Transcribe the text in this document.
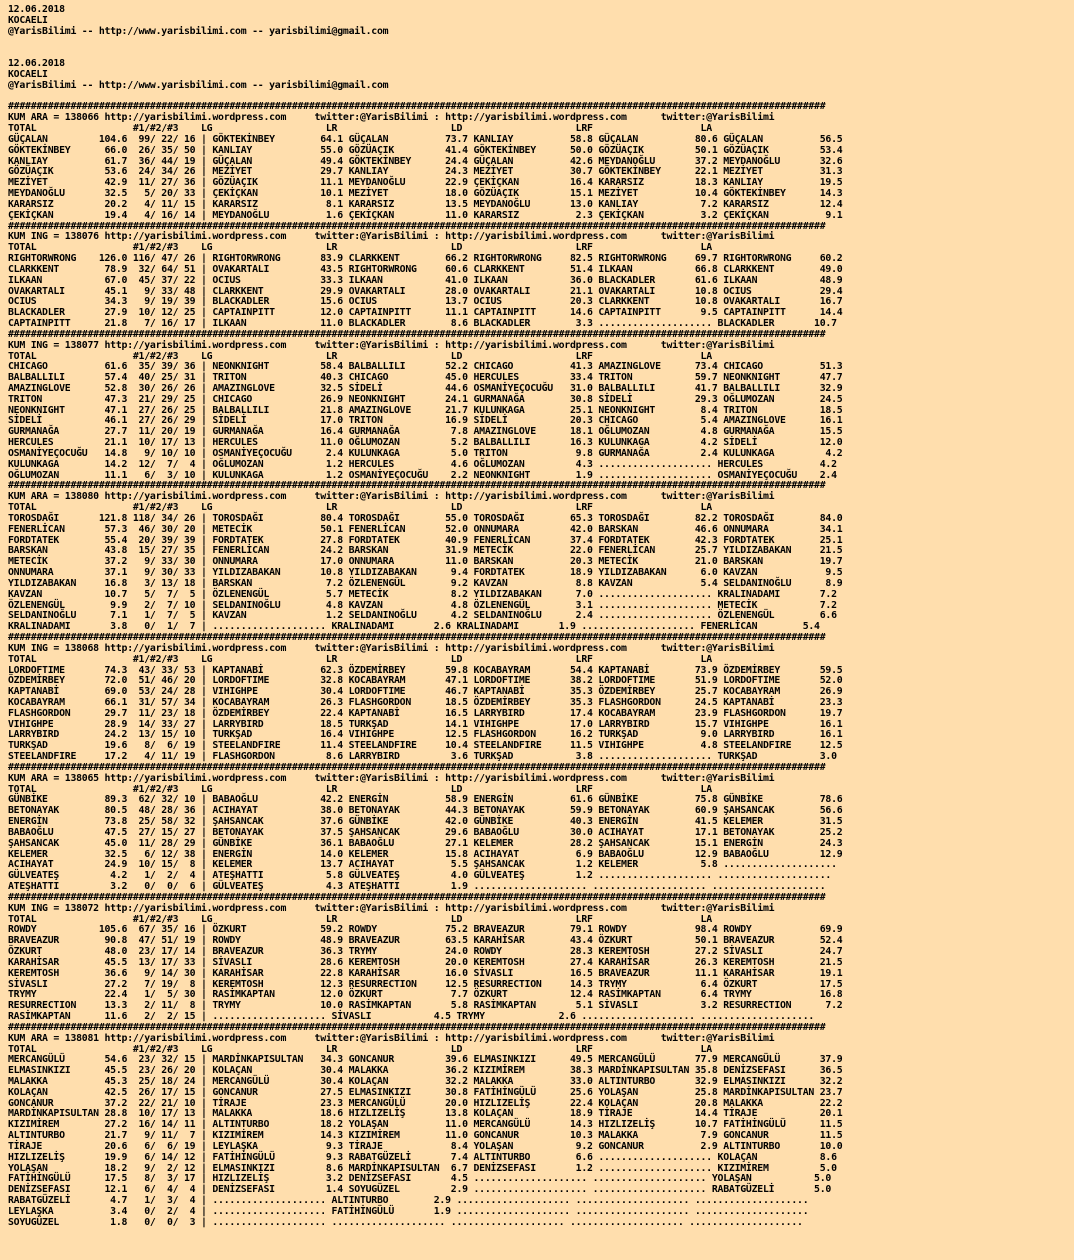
12.06.2018
KOCAELI
@YarisBilimi -- http://www.yarisbilimi.com -- yarisbilimi@gmail.com

12.06.2018
KOCAELI
@YarisBilimi -- http://www.yarisbilimi.com -- yarisbilimi@gmail.com

################################################################################################################################################
KUM ARA = 138066 http://yarisbilimi.wordpress.com     twitter:@YarisBilimi : http://yarisbilimi.wordpress.com      twitter:@YarisBilimi
TOTAL                 #1/#2/#3    LG                    LR                    LD                    LRF                   LA
GÜÇALAN         104.6  99/ 22/ 16 | GÖKTEKİNBEY        64.1 GÜÇALAN          73.7 KANLIAY          58.8 GÜÇALAN          80.6 GÜÇALAN          56.5
GÖKTEKİNBEY      66.0  26/ 35/ 50 | KANLIAY            55.0 GÖZÜAÇIK         41.4 GÖKTEKİNBEY      50.0 GÖZÜAÇIK         50.1 GÖZÜAÇIK         53.4
KANLIAY          61.7  36/ 44/ 19 | GÜÇALAN            49.4 GÖKTEKİNBEY      24.4 GÜÇALAN          42.6 MEYDANOĞLU       37.2 MEYDANOĞLU       32.6
GÖZÜAÇIK         53.6  24/ 34/ 26 | MEZİYET            29.7 KANLIAY          24.3 MEZİYET          30.7 GÖKTEKİNBEY      22.1 MEZİYET          31.3
MEZİYET          42.9  11/ 27/ 36 | GÖZÜAÇIK           11.1 MEYDANOĞLU       22.9 ÇEKİÇKAN         16.4 KARARSIZ         18.3 KANLIAY          19.5
MEYDANOĞLU       32.5   5/ 20/ 33 | ÇEKİÇKAN           10.1 MEZİYET          18.0 GÖZÜAÇIK         15.1 MEZİYET          10.4 GÖKTEKİNBEY      14.3
KARARSIZ         20.2   4/ 11/ 15 | KARARSIZ            8.1 KARARSIZ         13.5 MEYDANOĞLU       13.0 KANLIAY           7.2 KARARSIZ         12.4
ÇEKİÇKAN         19.4   4/ 16/ 14 | MEYDANOĞLU          1.6 ÇEKİÇKAN         11.0 KARARSIZ          2.3 ÇEKİÇKAN          3.2 ÇEKİÇKAN          9.1
################################################################################################################################################
KUM ING = 138076 http://yarisbilimi.wordpress.com     twitter:@YarisBilimi : http://yarisbilimi.wordpress.com      twitter:@YarisBilimi
TOTAL                 #1/#2/#3    LG                    LR                    LD                    LRF                   LA
RIGHTORWRONG    126.0 116/ 47/ 26 | RIGHTORWRONG       83.9 CLARKKENT        66.2 RIGHTORWRONG     82.5 RIGHTORWRONG     69.7 RIGHTORWRONG     60.2
CLARKKENT        78.9  32/ 64/ 51 | OVAKARTALI         43.5 RIGHTORWRONG     60.6 CLARKKENT        51.4 ILKAAN           66.8 CLARKKENT        49.0
ILKAAN           67.0  45/ 37/ 22 | OCIUS              33.3 ILKAAN           41.0 ILKAAN           36.0 BLACKADLER       61.6 ILKAAN           48.9
OVAKARTALI       45.1   9/ 33/ 48 | CLARKKENT          29.9 OVAKARTALI       28.0 OVAKARTALI       21.1 OVAKARTALI       10.8 OCIUS            29.4
OCIUS            34.3   9/ 19/ 39 | BLACKADLER         15.6 OCIUS            13.7 OCIUS            20.3 CLARKKENT        10.8 OVAKARTALI       16.7
BLACKADLER       27.9  10/ 12/ 25 | CAPTAINPITT        12.0 CAPTAINPITT      11.1 CAPTAINPITT      14.6 CAPTAINPITT       9.5 CAPTAINPITT      14.4
CAPTAINPITT      21.8   7/ 16/ 17 | ILKAAN             11.0 BLACKADLER        8.6 BLACKADLER        3.3 .................... BLACKADLER       10.7
################################################################################################################################################
KUM ING = 138077 http://yarisbilimi.wordpress.com     twitter:@YarisBilimi : http://yarisbilimi.wordpress.com      twitter:@YarisBilimi
TOTAL                 #1/#2/#3    LG                    LR                    LD                    LRF                   LA
CHICAGO          61.6  35/ 39/ 36 | NEONKNIGHT         58.4 BALBALLILI       52.2 CHICAGO          41.3 AMAZINGLOVE      73.4 CHICAGO          51.3
BALBALLILI       57.4  40/ 25/ 31 | TRITON             40.3 CHICAGO          45.0 HERCULES         33.4 TRITON           59.7 NEONKNIGHT       47.7
AMAZINGLOVE      52.8  30/ 26/ 26 | AMAZINGLOVE        32.5 SİDELİ           44.6 OSMANİYEÇOCUĞU   31.0 BALBALLILI       41.7 BALBALLILI       32.9
TRITON           47.3  21/ 29/ 25 | CHICAGO            26.9 NEONKNIGHT       24.1 GURMANAĞA        30.8 SİDELİ           29.3 OĞLUMOZAN        24.5
NEONKNIGHT       47.1  27/ 26/ 25 | BALBALLILI         21.8 AMAZINGLOVE      21.7 KULUNKAGA        25.1 NEONKNIGHT        8.4 TRITON           18.5
SİDELİ           46.1  27/ 26/ 29 | SİDELİ             17.0 TRITON           16.9 SİDELİ           20.3 CHICAGO           5.4 AMAZINGLOVE      16.1
GURMANAĞA        27.7  11/ 20/ 19 | GURMANAĞA          16.4 GURMANAĞA         7.8 AMAZINGLOVE      18.1 OĞLUMOZAN         4.8 GURMANAĞA        15.5
HERCULES         21.1  10/ 17/ 13 | HERCULES           11.0 OĞLUMOZAN         5.2 BALBALLILI       16.3 KULUNKAGA         4.2 SİDELİ           12.0
OSMANİYEÇOCUĞU   14.8   9/ 10/ 10 | OSMANİYEÇOCUĞU      2.4 KULUNKAGA         5.0 TRITON            9.8 GURMANAĞA         2.4 KULUNKAGA         4.2
KULUNKAGA        14.2  12/  7/  4 | OĞLUMOZAN           1.2 HERCULES          4.6 OĞLUMOZAN         4.3 .................... HERCULES          4.2
OĞLUMOZAN        11.1   6/  3/ 10 | KULUNKAGA           1.2 OSMANİYEÇOCUĞU    2.2 NEONKNIGHT        1.9 .................... OSMANİYEÇOCUĞU    2.4
################################################################################################################################################
KUM ARA = 138080 http://yarisbilimi.wordpress.com     twitter:@YarisBilimi : http://yarisbilimi.wordpress.com      twitter:@YarisBilimi
TOTAL                 #1/#2/#3    LG                    LR                    LD                    LRF                   LA
TOROSDAĞI       121.8 118/ 34/ 26 | TOROSDAĞI          80.4 TOROSDAĞI        55.0 TOROSDAĞI        65.3 TOROSDAĞI        82.2 TOROSDAĞI        84.0
FENERLİCAN       57.3  46/ 30/ 20 | METECİK            50.1 FENERLİCAN       52.0 ONNUMARA         42.0 BARSKAN          46.6 ONNUMARA         34.1
FORDTATEK        55.4  20/ 39/ 39 | FORDTATEK          27.8 FORDTATEK        40.9 FENERLİCAN       37.4 FORDTATEK        42.3 FORDTATEK        25.1
BARSKAN          43.8  15/ 27/ 35 | FENERLİCAN         24.2 BARSKAN          31.9 METECİK          22.0 FENERLİCAN       25.7 YILDIZABAKAN     21.5
METECİK          37.2   9/ 33/ 30 | ONNUMARA           17.0 ONNUMARA         11.0 BARSKAN          20.3 METECİK          21.0 BARSKAN          19.7
ONNUMARA         37.1   9/ 30/ 33 | YILDIZABAKAN       10.8 YILDIZABAKAN      9.4 FORDTATEK        18.9 YILDIZABAKAN      6.0 KAVZAN            9.5
YILDIZABAKAN     16.8   3/ 13/ 18 | BARSKAN             7.2 ÖZLENENGÜL        9.2 KAVZAN            8.8 KAVZAN            5.4 SELDANINOĞLU      8.9
KAVZAN           10.7   5/  7/  5 | ÖZLENENGÜL          5.7 METECİK           8.2 YILDIZABAKAN      7.0 .................... KRALINADAMI       7.2
ÖZLENENGÜL        9.9   2/  7/ 10 | SELDANINOĞLU        4.8 KAVZAN            4.8 ÖZLENENGÜL        3.1 .................... METECİK           7.2
SELDANINOĞLU      7.1   1/  7/  5 | KAVZAN              1.2 SELDANINOĞLU      4.2 SELDANINOĞLU      2.4 .................... ÖZLENENGÜL        6.6
KRALINADAMI       3.8   0/  1/  7 | .................... KRALINADAMI       2.6 KRALINADAMI       1.9 .................... FENERLİCAN        5.4
################################################################################################################################################
KUM ING = 138068 http://yarisbilimi.wordpress.com     twitter:@YarisBilimi : http://yarisbilimi.wordpress.com      twitter:@YarisBilimi
TOTAL                 #1/#2/#3    LG                    LR                    LD                    LRF                   LA
LORDOFTIME       74.3  43/ 33/ 53 | KAPTANABİ          62.3 ÖZDEMİRBEY       59.8 KOCABAYRAM       54.4 KAPTANABİ        73.9 ÖZDEMİRBEY       59.5
ÖZDEMİRBEY       72.0  51/ 46/ 20 | LORDOFTIME         32.8 KOCABAYRAM       47.1 LORDOFTIME       38.2 LORDOFTIME       51.9 LORDOFTIME       52.0
KAPTANABİ        69.0  53/ 24/ 28 | VIHIGHPE           30.4 LORDOFTIME       46.7 KAPTANABİ        35.3 ÖZDEMİRBEY       25.7 KOCABAYRAM       26.9
KOCABAYRAM       66.1  31/ 57/ 34 | KOCABAYRAM         26.3 FLASHGORDON      18.5 ÖZDEMİRBEY       35.3 FLASHGORDON      24.5 KAPTANABİ        23.3
FLASHGORDON      29.7  11/ 23/ 18 | ÖZDEMİRBEY         22.4 KAPTANABİ        16.5 LARRYBIRD        17.4 KOCABAYRAM       23.9 FLASHGORDON      19.7
VIHIGHPE         28.9  14/ 33/ 27 | LARRYBIRD          18.5 TURKŞAD          14.1 VIHIGHPE         17.0 LARRYBIRD        15.7 VIHIGHPE         16.1
LARRYBIRD        24.2  13/ 15/ 10 | TURKŞAD            16.4 VIHIGHPE         12.5 FLASHGORDON      16.2 TURKŞAD           9.0 LARRYBIRD        16.1
TURKŞAD          19.6   8/  6/ 19 | STEELANDFIRE       11.4 STEELANDFIRE     10.4 STEELANDFIRE     11.5 VIHIGHPE          4.8 STEELANDFIRE     12.5
STEELANDFIRE     17.2   4/ 11/ 19 | FLASHGORDON         8.6 LARRYBIRD         3.6 TURKŞAD           3.8 .................... TURKŞAD           3.0
################################################################################################################################################
KUM ARA = 138065 http://yarisbilimi.wordpress.com     twitter:@YarisBilimi : http://yarisbilimi.wordpress.com      twitter:@YarisBilimi
TOTAL                 #1/#2/#3    LG                    LR                    LD                    LRF                   LA
GÜNBİKE          89.3  62/ 32/ 10 | BABAOĞLU           42.2 ENERGİN          58.9 ENERGİN          61.6 GÜNBİKE          75.8 GÜNBİKE          78.6
BETONAYAK        80.5  48/ 28/ 36 | ACIHAYAT           38.0 BETONAYAK        44.3 BETONAYAK        59.9 BETONAYAK        60.9 ŞAHSANCAK        56.6
ENERGİN          73.8  25/ 58/ 32 | ŞAHSANCAK          37.6 GÜNBİKE          42.0 GÜNBİKE          40.3 ENERGİN          41.5 KELEMER          31.5
BABAOĞLU         47.5  27/ 15/ 27 | BETONAYAK          37.5 ŞAHSANCAK        29.6 BABAOĞLU         30.0 ACIHAYAT         17.1 BETONAYAK        25.2
ŞAHSANCAK        45.0  11/ 28/ 29 | GÜNBİKE            36.1 BABAOĞLU         27.1 KELEMER          28.2 ŞAHSANCAK        15.1 ENERGİN          24.3
KELEMER          32.5   6/ 12/ 38 | ENERGİN            14.0 KELEMER          15.8 ACIHAYAT          6.9 BABAOĞLU         12.9 BABAOĞLU         12.9
ACIHAYAT         24.9  10/ 15/  8 | KELEMER            13.7 ACIHAYAT          5.5 ŞAHSANCAK         1.2 KELEMER           5.8 ....................
GÜLVEATEŞ         4.2   1/  2/  4 | ATEŞHATTI           5.8 GÜLVEATEŞ         4.0 GÜLVEATEŞ         1.2 .................... ....................
ATEŞHATTI         3.2   0/  0/  6 | GÜLVEATEŞ           4.3 ATEŞHATTI         1.9 .................... .................... ....................
################################################################################################################################################
KUM ING = 138072 http://yarisbilimi.wordpress.com     twitter:@YarisBilimi : http://yarisbilimi.wordpress.com      twitter:@YarisBilimi
TOTAL                 #1/#2/#3    LG                    LR                    LD                    LRF                   LA
ROWDY           105.6  67/ 35/ 16 | ÖZKURT             59.2 ROWDY            75.2 BRAVEAZUR        79.1 ROWDY            98.4 ROWDY            69.9
BRAVEAZUR        90.8  47/ 51/ 19 | ROWDY              48.9 BRAVEAZUR        63.5 KARAHİSAR        43.4 ÖZKURT           50.1 BRAVEAZUR        52.4
ÖZKURT           48.0  23/ 17/ 14 | BRAVEAZUR          36.3 TRYMY            24.0 ROWDY            28.3 KEREMTOSH        27.2 SİVASLI          24.7
KARAHİSAR        45.5  13/ 17/ 33 | SİVASLI            28.6 KEREMTOSH        20.0 KEREMTOSH        27.4 KARAHİSAR        26.3 KEREMTOSH        21.5
KEREMTOSH        36.6   9/ 14/ 30 | KARAHİSAR          22.8 KARAHİSAR        16.0 SİVASLI          16.5 BRAVEAZUR        11.1 KARAHİSAR        19.1
SİVASLI          27.2   7/ 19/  8 | KEREMTOSH          12.3 RESURRECTION     12.5 RESURRECTION     14.3 TRYMY             6.4 ÖZKURT           17.5
TRYMY            22.4   1/  5/ 30 | RASİMKAPTAN        12.0 ÖZKURT            7.7 ÖZKURT           12.4 RASİMKAPTAN       6.4 TRYMY            16.8
RESURRECTION     13.3   2/ 11/  8 | TRYMY              10.0 RASİMKAPTAN       5.8 RASİMKAPTAN       5.1 SİVASLI           3.2 RESURRECTION      7.2
RASİMKAPTAN      11.6   2/  2/ 15 | .................... SİVASLI           4.5 TRYMY             2.6 .................... ....................
################################################################################################################################################
KUM ARA = 138081 http://yarisbilimi.wordpress.com     twitter:@YarisBilimi : http://yarisbilimi.wordpress.com      twitter:@YarisBilimi
TOTAL                 #1/#2/#3    LG                    LR                    LD                    LRF                   LA
MERCANGÜLÜ       54.6  23/ 32/ 15 | MARDİNKAPISULTAN   34.3 GONCANUR         39.6 ELMASINKIZI      49.5 MERCANGÜLÜ       77.9 MERCANGÜLÜ       37.9
ELMASINKIZI      45.5  23/ 26/ 20 | KOLAÇAN            30.4 MALAKKA          36.2 KIZIMİREM        38.3 MARDİNKAPISULTAN 35.8 DENİZSEFASI      36.5
MALAKKA          45.3  25/ 18/ 24 | MERCANGÜLÜ         30.4 KOLAÇAN          32.2 MALAKKA          33.0 ALTINTURBO       32.9 ELMASINKIZI      32.2
KOLAÇAN          42.5  26/ 17/ 15 | GONCANUR           27.5 ELMASINKIZI      30.8 FATİHİNGÜLÜ      25.6 YOLAŞAN          25.8 MARDİNKAPISULTAN 23.7
GONCANUR         37.2  22/ 21/ 10 | TİRAJE             23.3 MERCANGÜLÜ       20.0 HIZLIZELİŞ       22.4 KOLAÇAN          20.8 MALAKKA          22.2
MARDİNKAPISULTAN 28.8  10/ 17/ 13 | MALAKKA            18.6 HIZLIZELİŞ       13.8 KOLAÇAN          18.9 TİRAJE           14.4 TİRAJE           20.1
KIZIMİREM        27.2  16/ 14/ 11 | ALTINTURBO         18.2 YOLAŞAN          11.0 MERCANGÜLÜ       14.3 HIZLIZELİŞ       10.7 FATİHİNGÜLÜ      11.5
ALTINTURBO       21.7   9/ 11/  7 | KIZIMİREM          14.3 KIZIMİREM        11.0 GONCANUR         10.3 MALAKKA           7.9 GONCANUR         11.5
TİRAJE           20.6   6/  6/ 19 | LEYLAŞKA            9.3 TİRAJE            8.4 YOLAŞAN           9.2 GONCANUR          2.9 ALTINTURBO       10.0
HIZLIZELİŞ       19.9   6/ 14/ 12 | FATİHİNGÜLÜ         9.3 RABATGÜZELİ       7.4 ALTINTURBO        6.6 .................... KOLAÇAN           8.6
YOLAŞAN          18.2   9/  2/ 12 | ELMASINKIZI         8.6 MARDİNKAPISULTAN  6.7 DENİZSEFASI       1.2 .................... KIZIMİREM         5.0
FATİHİNGÜLÜ      17.5   8/  3/ 17 | HIZLIZELİŞ          3.2 DENİZSEFASI       4.5 .................... .................... YOLAŞAN           5.0
DENİZSEFASI      12.1   6/  4/  4 | DENİZSEFASI         1.4 SOYUGÜZEL         2.9 .................... .................... RABATGÜZELİ       5.0
RABATGÜZELİ       4.7   1/  3/  4 | .................... ALTINTURBO        2.9 .................... .................... ....................
LEYLAŞKA          3.4   0/  2/  4 | .................... FATİHİNGÜLÜ       1.9 .................... .................... ....................
SOYUGÜZEL         1.8   0/  0/  3 | .................... .................... .................... .................... ....................
